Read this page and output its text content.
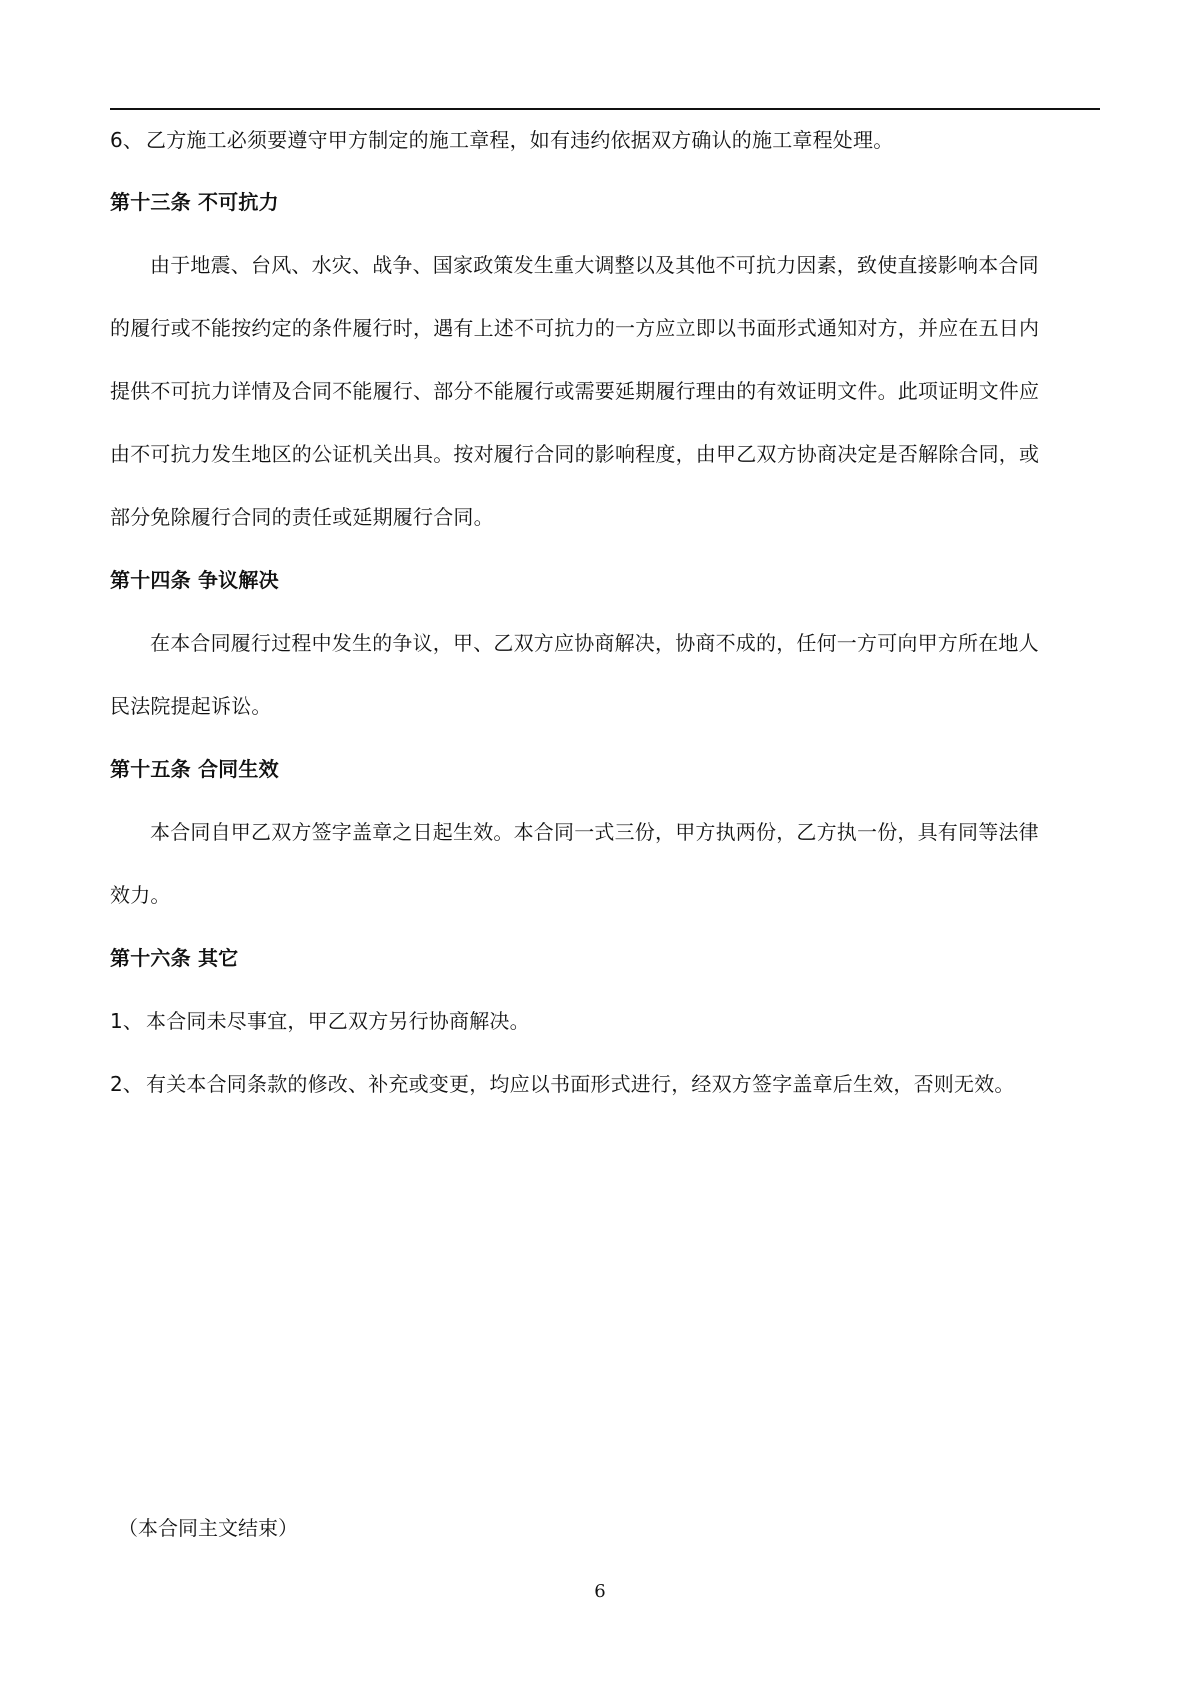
6、 乙方施工必须要遵守甲方制定的施工章程，如有违约依据双方确认的施工章程处理。
第十三条 不可抗力
由于地震、台风、水灾、战争、国家政策发生重大调整以及其他不可抗力因素，致使直接影响本合同
的履行或不能按约定的条件履行时，遇有上述不可抗力的一方应立即以书面形式通知对方，并应在五日内
提供不可抗力详情及合同不能履行、部分不能履行或需要延期履行理由的有效证明文件。此项证明文件应
由不可抗力发生地区的公证机关出具。按对履行合同的影响程度，由甲乙双方协商决定是否解除合同，或
部分免除履行合同的责任或延期履行合同。
第十四条 争议解决
在本合同履行过程中发生的争议，甲、乙双方应协商解决，协商不成的，任何一方可向甲方所在地人
民法院提起诉讼。
第十五条 合同生效
本合同自甲乙双方签字盖章之日起生效。本合同一式三份，甲方执两份，乙方执一份，具有同等法律
效力。
第十六条 其它
1、 本合同未尽事宜，甲乙双方另行协商解决。
2、 有关本合同条款的修改、补充或变更，均应以书面形式进行，经双方签字盖章后生效，否则无效。
（本合同主文结束）
6
